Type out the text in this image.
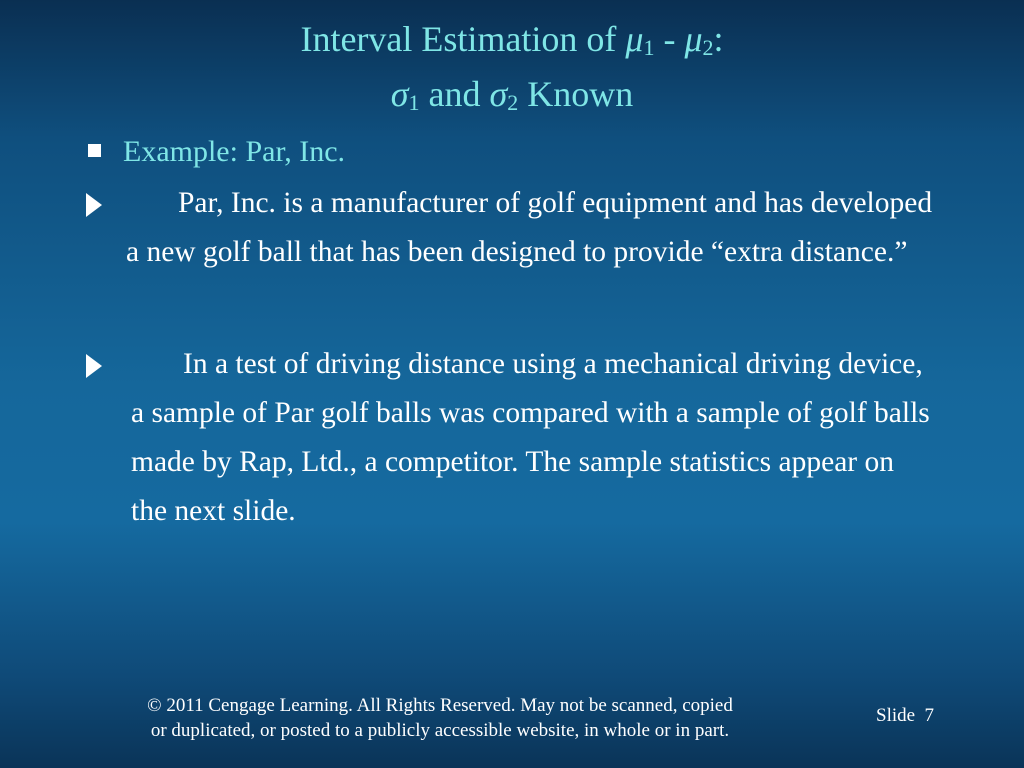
Interval Estimation of $\mu_1 - \mu_2$:
$\sigma_1$ and $\sigma_2$ Known
Example: Par, Inc.
Par, Inc. is a manufacturer of golf equipment and has developed a new golf ball that has been designed to provide “extra distance.”
In a test of driving distance using a mechanical driving device, a sample of Par golf balls was compared with a sample of golf balls made by Rap, Ltd., a competitor. The sample statistics appear on the next slide.
© 2011 Cengage Learning. All Rights Reserved. May not be scanned, copied
or duplicated, or posted to a publicly accessible website, in whole or in part.
Slide  7
